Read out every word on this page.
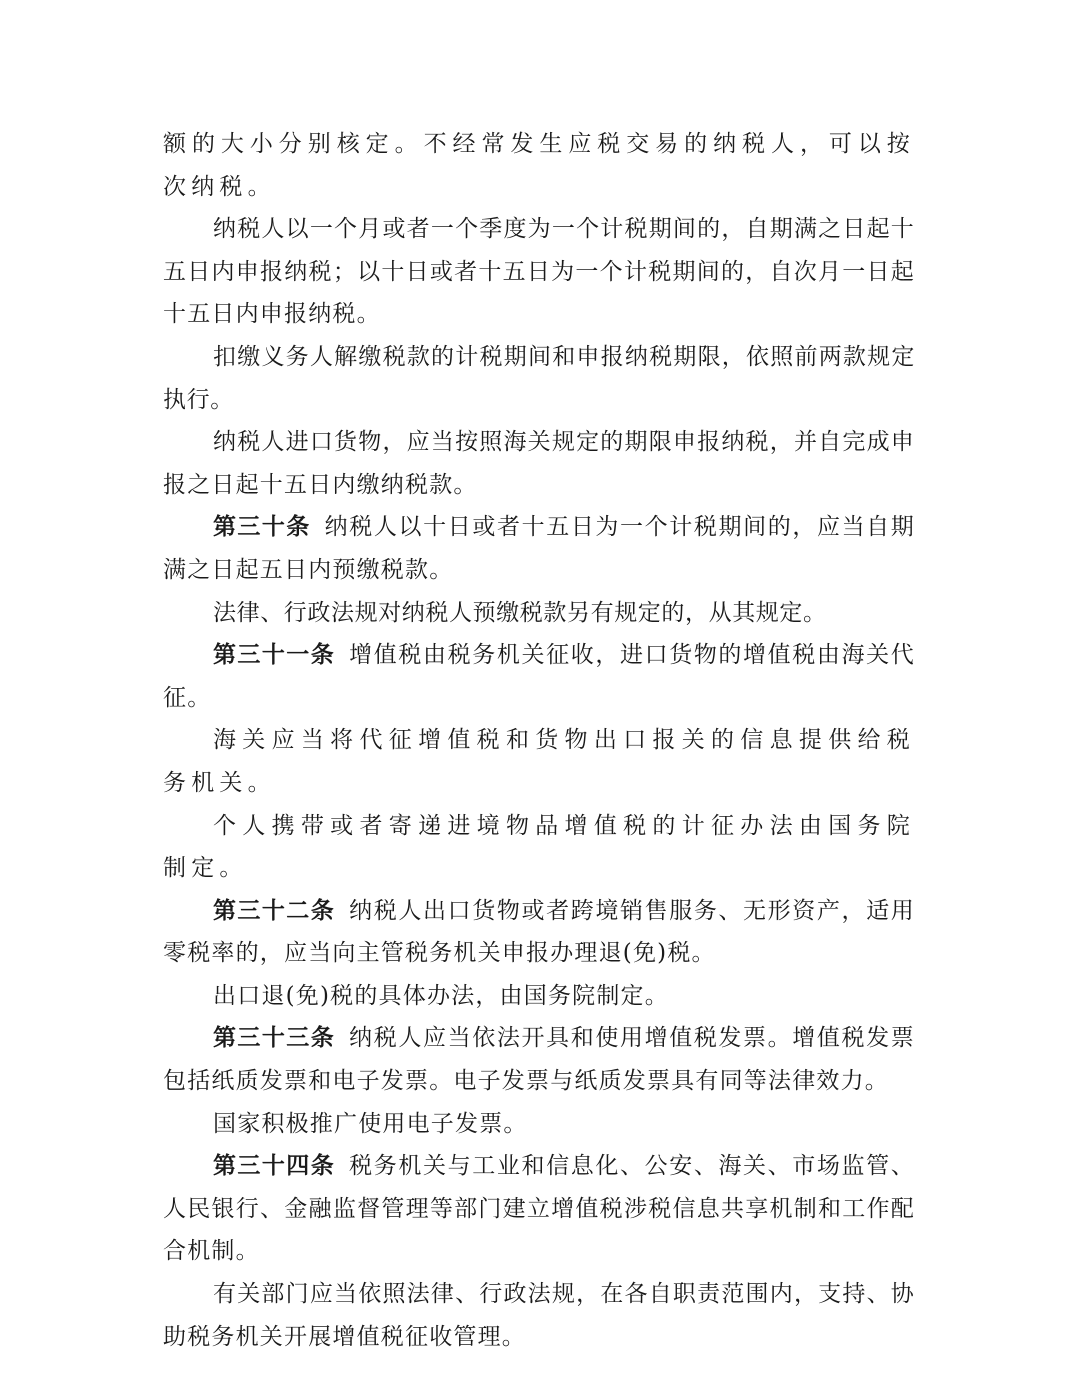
额的大小分别核定。不经常发生应税交易的纳税人，可以按次纳税。

纳税人以一个月或者一个季度为一个计税期间的，自期满之日起十五日内申报纳税；以十日或者十五日为一个计税期间的，自次月一日起十五日内申报纳税。

扣缴义务人解缴税款的计税期间和申报纳税期限，依照前两款规定执行。

纳税人进口货物，应当按照海关规定的期限申报纳税，并自完成申报之日起十五日内缴纳税款。

第三十条 纳税人以十日或者十五日为一个计税期间的，应当自期满之日起五日内预缴税款。

法律、行政法规对纳税人预缴税款另有规定的，从其规定。

第三十一条 增值税由税务机关征收，进口货物的增值税由海关代征。

海关应当将代征增值税和货物出口报关的信息提供给税务机关。

个人携带或者寄递进境物品增值税的计征办法由国务院制定。

第三十二条 纳税人出口货物或者跨境销售服务、无形资产，适用零税率的，应当向主管税务机关申报办理退(免)税。

出口退(免)税的具体办法，由国务院制定。

第三十三条 纳税人应当依法开具和使用增值税发票。增值税发票包括纸质发票和电子发票。电子发票与纸质发票具有同等法律效力。

国家积极推广使用电子发票。

第三十四条 税务机关与工业和信息化、公安、海关、市场监管、人民银行、金融监督管理等部门建立增值税涉税信息共享机制和工作配合机制。

有关部门应当依照法律、行政法规，在各自职责范围内，支持、协助税务机关开展增值税征收管理。
